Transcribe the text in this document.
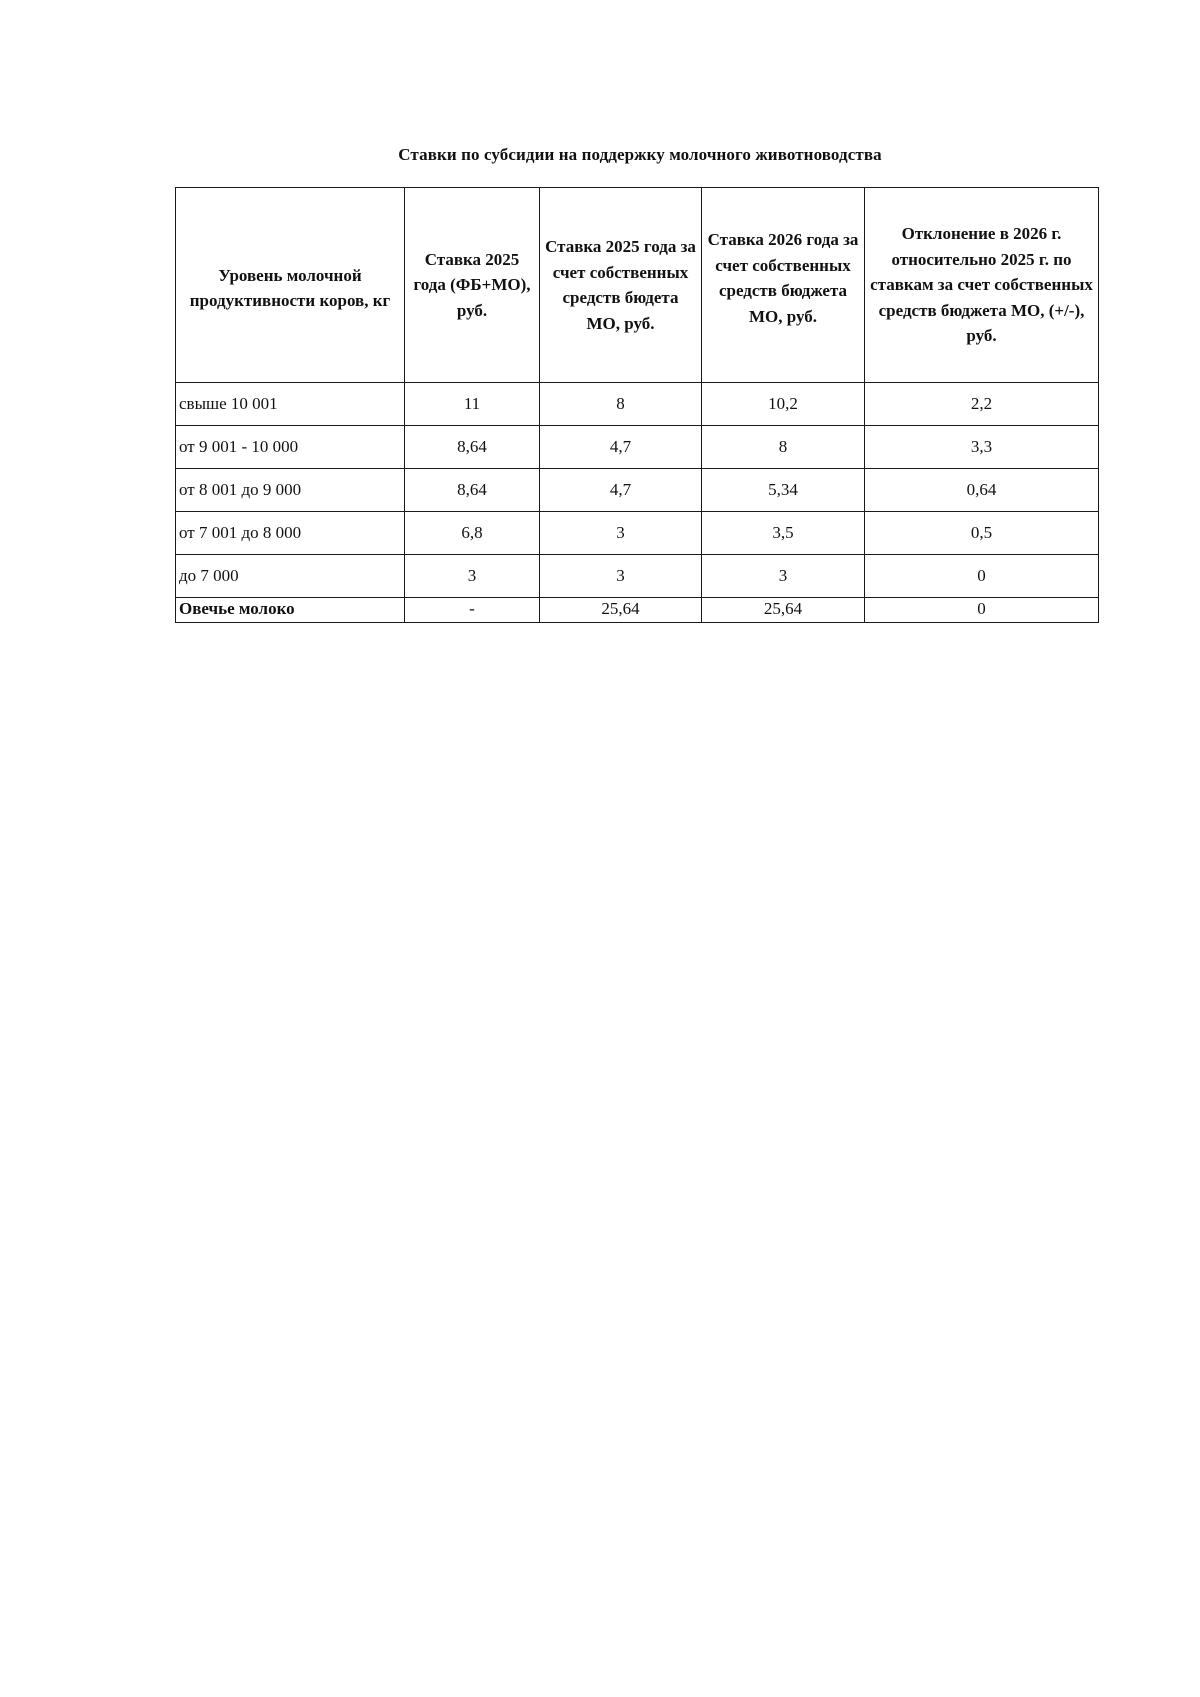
Ставки по субсидии на поддержку молочного животноводства
Уровень молочной продуктивности коров, кг	Ставка 2025 года (ФБ+МО), руб.	Ставка 2025 года за счет собственных средств бюдета МО, руб.	Ставка 2026 года за счет собственных средств бюджета МО, руб.	Отклонение в 2026 г. относительно 2025 г. по ставкам за счет собственных средств бюджета МО, (+/-), руб.

свыше 10 001	11	8	10,2	2,2
от 9 001 - 10 000	8,64	4,7	8	3,3
от 8 001 до 9 000	8,64	4,7	5,34	0,64
от 7 001 до 8 000	6,8	3	3,5	0,5
до 7 000	3	3	3	0
Овечье молоко	-	25,64	25,64	0
